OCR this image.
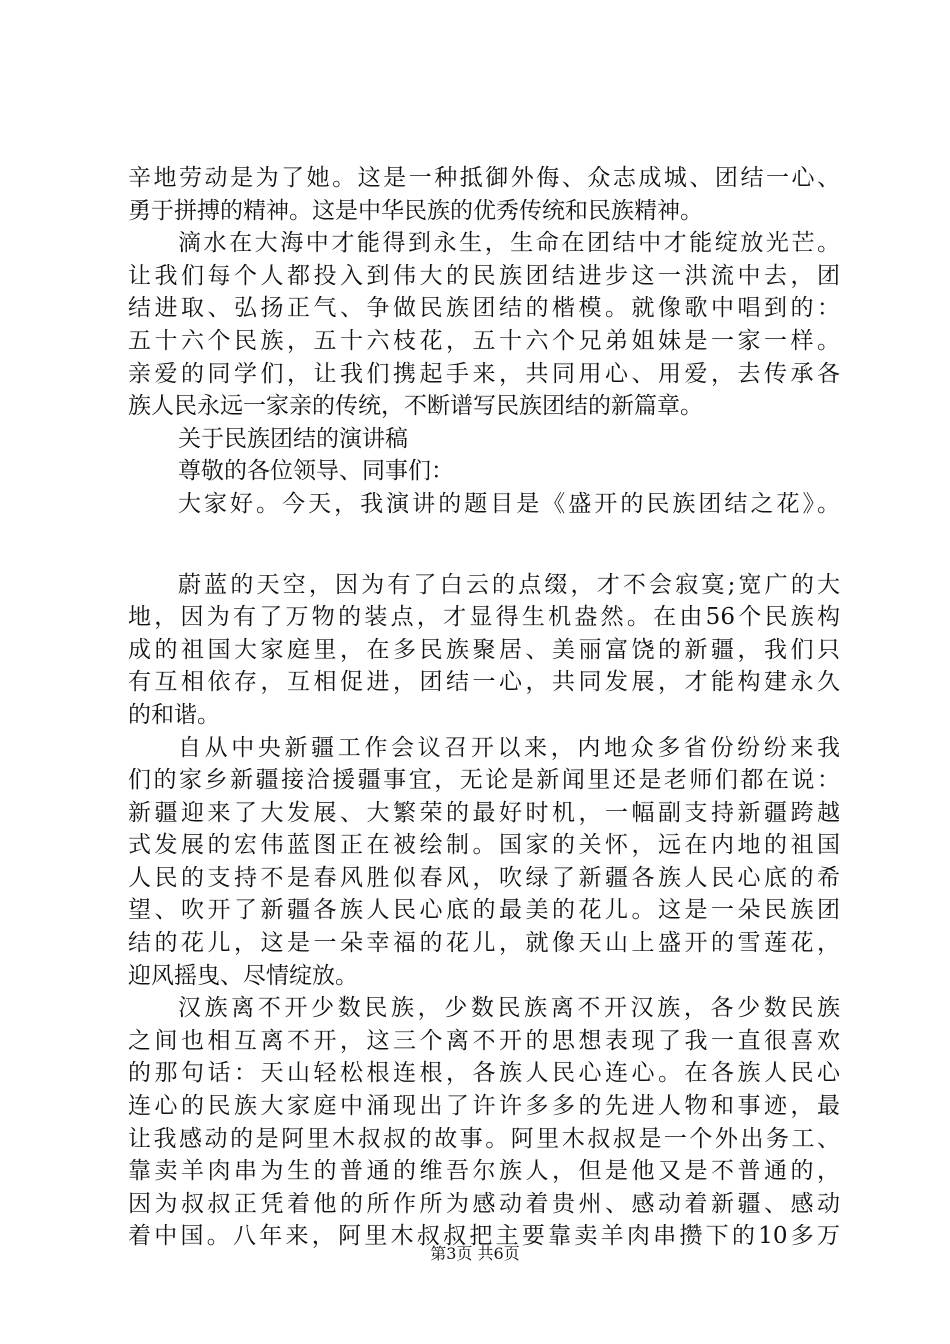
辛地劳动是为了她。这是一种抵御外侮、众志成城、团结一心、
勇于拼搏的精神。这是中华民族的优秀传统和民族精神。
滴水在大海中才能得到永生，生命在团结中才能绽放光芒。
让我们每个人都投入到伟大的民族团结进步这一洪流中去，团
结进取、弘扬正气、争做民族团结的楷模。就像歌中唱到的：
五十六个民族，五十六枝花，五十六个兄弟姐妹是一家一样。
亲爱的同学们，让我们携起手来，共同用心、用爱，去传承各
族人民永远一家亲的传统，不断谱写民族团结的新篇章。
关于民族团结的演讲稿
尊敬的各位领导、同事们：
大家好。今天，我演讲的题目是《盛开的民族团结之花》。
蔚蓝的天空，因为有了白云的点缀，才不会寂寞;宽广的大
地，因为有了万物的装点，才显得生机盎然。在由56个民族构
成的祖国大家庭里，在多民族聚居、美丽富饶的新疆，我们只
有互相依存，互相促进，团结一心，共同发展，才能构建永久
的和谐。
自从中央新疆工作会议召开以来，内地众多省份纷纷来我
们的家乡新疆接洽援疆事宜，无论是新闻里还是老师们都在说：
新疆迎来了大发展、大繁荣的最好时机，一幅副支持新疆跨越
式发展的宏伟蓝图正在被绘制。国家的关怀，远在内地的祖国
人民的支持不是春风胜似春风，吹绿了新疆各族人民心底的希
望、吹开了新疆各族人民心底的最美的花儿。这是一朵民族团
结的花儿，这是一朵幸福的花儿，就像天山上盛开的雪莲花，
迎风摇曳、尽情绽放。
汉族离不开少数民族，少数民族离不开汉族，各少数民族
之间也相互离不开，这三个离不开的思想表现了我一直很喜欢
的那句话：天山轻松根连根，各族人民心连心。在各族人民心
连心的民族大家庭中涌现出了许许多多的先进人物和事迹，最
让我感动的是阿里木叔叔的故事。阿里木叔叔是一个外出务工、
靠卖羊肉串为生的普通的维吾尔族人，但是他又是不普通的，
因为叔叔正凭着他的所作所为感动着贵州、感动着新疆、感动
着中国。八年来，阿里木叔叔把主要靠卖羊肉串攒下的10多万
第3页 共6页
